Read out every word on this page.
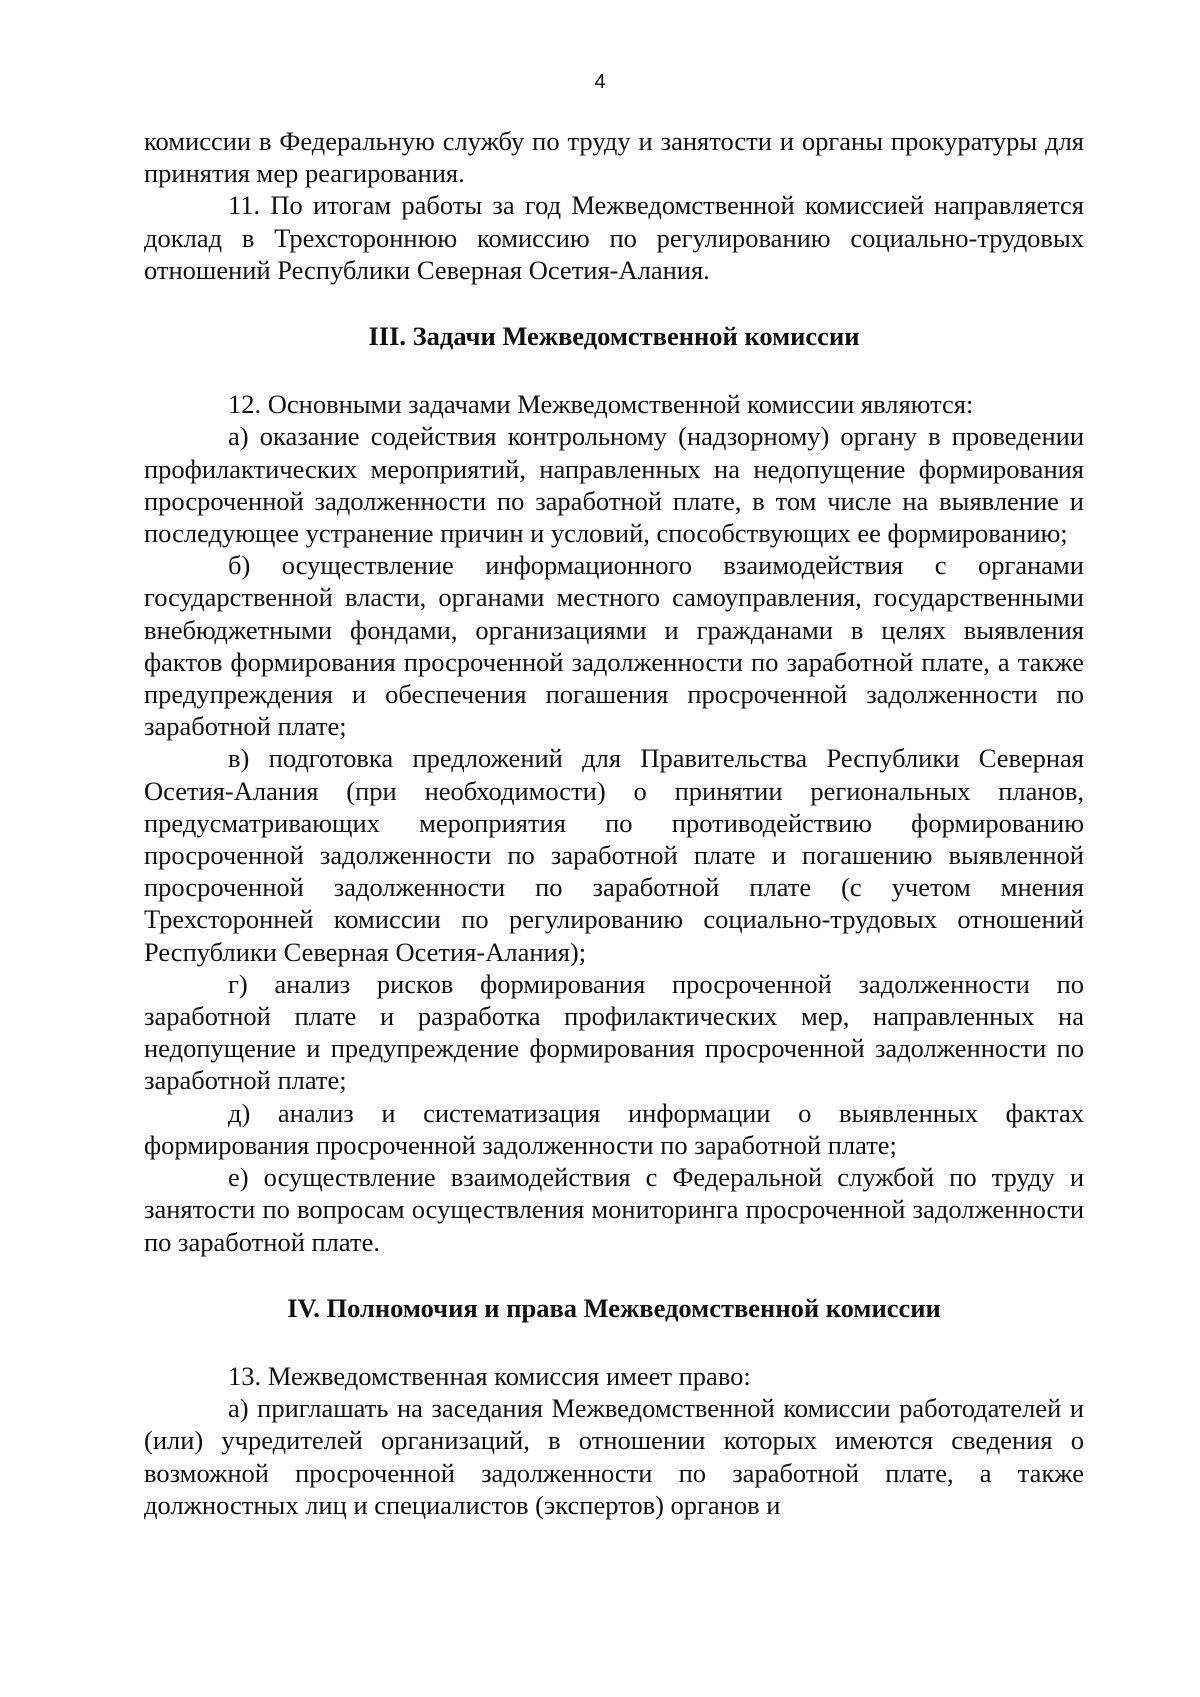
4

комиссии в Федеральную службу по труду и занятости и органы прокуратуры для принятия мер реагирования.

11. По итогам работы за год Межведомственной комиссией направляется доклад в Трехстороннюю комиссию по регулированию социально-трудовых отношений Республики Северная Осетия-Алания.

III. Задачи Межведомственной комиссии

12. Основными задачами Межведомственной комиссии являются:

а) оказание содействия контрольному (надзорному) органу в проведении профилактических мероприятий, направленных на недопущение формирования просроченной задолженности по заработной плате, в том числе на выявление и последующее устранение причин и условий, способствующих ее формированию;

б) осуществление информационного взаимодействия с органами государственной власти, органами местного самоуправления, государственными внебюджетными фондами, организациями и гражданами в целях выявления фактов формирования просроченной задолженности по заработной плате, а также предупреждения и обеспечения погашения просроченной задолженности по заработной плате;

в) подготовка предложений для Правительства Республики Северная Осетия-Алания (при необходимости) о принятии региональных планов, предусматривающих мероприятия по противодействию формированию просроченной задолженности по заработной плате и погашению выявленной просроченной задолженности по заработной плате (с учетом мнения Трехсторонней комиссии по регулированию социально-трудовых отношений Республики Северная Осетия-Алания);

г) анализ рисков формирования просроченной задолженности по заработной плате и разработка профилактических мер, направленных на недопущение и предупреждение формирования просроченной задолженности по заработной плате;

д) анализ и систематизация информации о выявленных фактах формирования просроченной задолженности по заработной плате;

е) осуществление взаимодействия с Федеральной службой по труду и занятости по вопросам осуществления мониторинга просроченной задолженности по заработной плате.

IV. Полномочия и права Межведомственной комиссии

13. Межведомственная комиссия имеет право:

а) приглашать на заседания Межведомственной комиссии работодателей и (или) учредителей организаций, в отношении которых имеются сведения о возможной просроченной задолженности по заработной плате, а также должностных лиц и специалистов (экспертов) органов и
